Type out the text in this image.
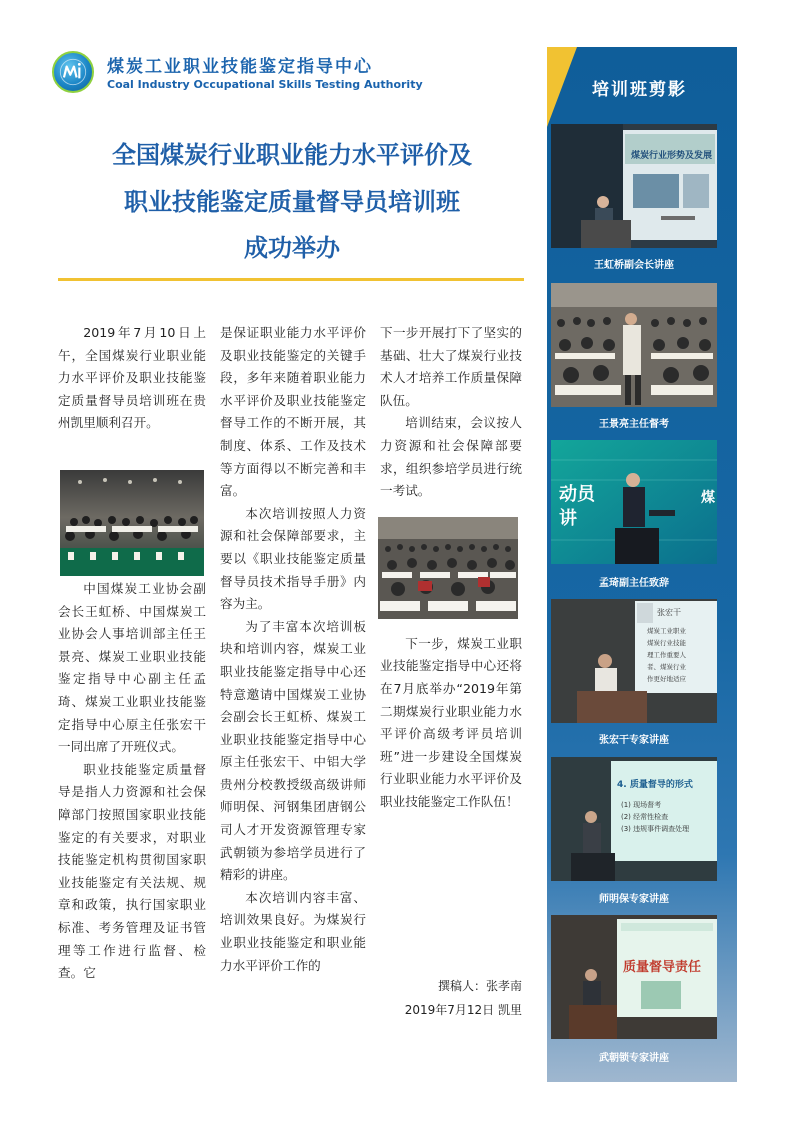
煤炭工业职业技能鉴定指导中心
Coal Industry Occupational Skills Testing Authority
全国煤炭行业职业能力水平评价及
职业技能鉴定质量督导员培训班
成功举办

2019年7月10日上午，全国煤炭行业职业能力水平评价及职业技能鉴定质量督导员培训班在贵州凯里顺利召开。

中国煤炭工业协会副会长王虹桥、中国煤炭工业协会人事培训部主任王景亮、煤炭工业职业技能鉴定指导中心副主任孟琦、煤炭工业职业技能鉴定指导中心原主任张宏干一同出席了开班仪式。

职业技能鉴定质量督导是指人力资源和社会保障部门按照国家职业技能鉴定的有关要求，对职业技能鉴定机构贯彻国家职业技能鉴定有关法规、规章和政策，执行国家职业标准、考务管理及证书管理等工作进行监督、检查。它

是保证职业能力水平评价及职业技能鉴定的关键手段，多年来随着职业能力水平评价及职业技能鉴定督导工作的不断开展，其制度、体系、工作及技术等方面得以不断完善和丰富。

本次培训按照人力资源和社会保障部要求，主要以《职业技能鉴定质量督导员技术指导手册》内容为主。

为了丰富本次培训板块和培训内容，煤炭工业职业技能鉴定指导中心还特意邀请中国煤炭工业协会副会长王虹桥、煤炭工业职业技能鉴定指导中心原主任张宏干、中铝大学贵州分校教授级高级讲师师明保、河钢集团唐钢公司人才开发资源管理专家武朝锁为参培学员进行了精彩的讲座。

本次培训内容丰富、培训效果良好。为煤炭行业职业技能鉴定和职业能力水平评价工作的

下一步开展打下了坚实的基础、壮大了煤炭行业技术人才培养工作质量保障队伍。

培训结束，会议按人力资源和社会保障部要求，组织参培学员进行统一考试。

下一步，煤炭工业职业技能鉴定指导中心还将在7月底举办“2019年第二期煤炭行业职业能力水平评价高级考评员培训班”进一步建设全国煤炭行业职业能力水平评价及职业技能鉴定工作队伍！

撰稿人：张孝南
2019年7月12日 凯里
培训班剪影
煤炭行业形势及发展
王虹桥副会长讲座
王景亮主任督考
动员
讲
煤
孟琦副主任致辞
张宏干
煤炭工业职业
煤炭行业技能
理工作重要人
者、煤炭行业
作更好地适应
张宏干专家讲座
4. 质量督导的形式
(1) 现场督考
(2) 经常性检查
(3) 违规事件调查处理
师明保专家讲座
质量督导责任
武朝锁专家讲座
